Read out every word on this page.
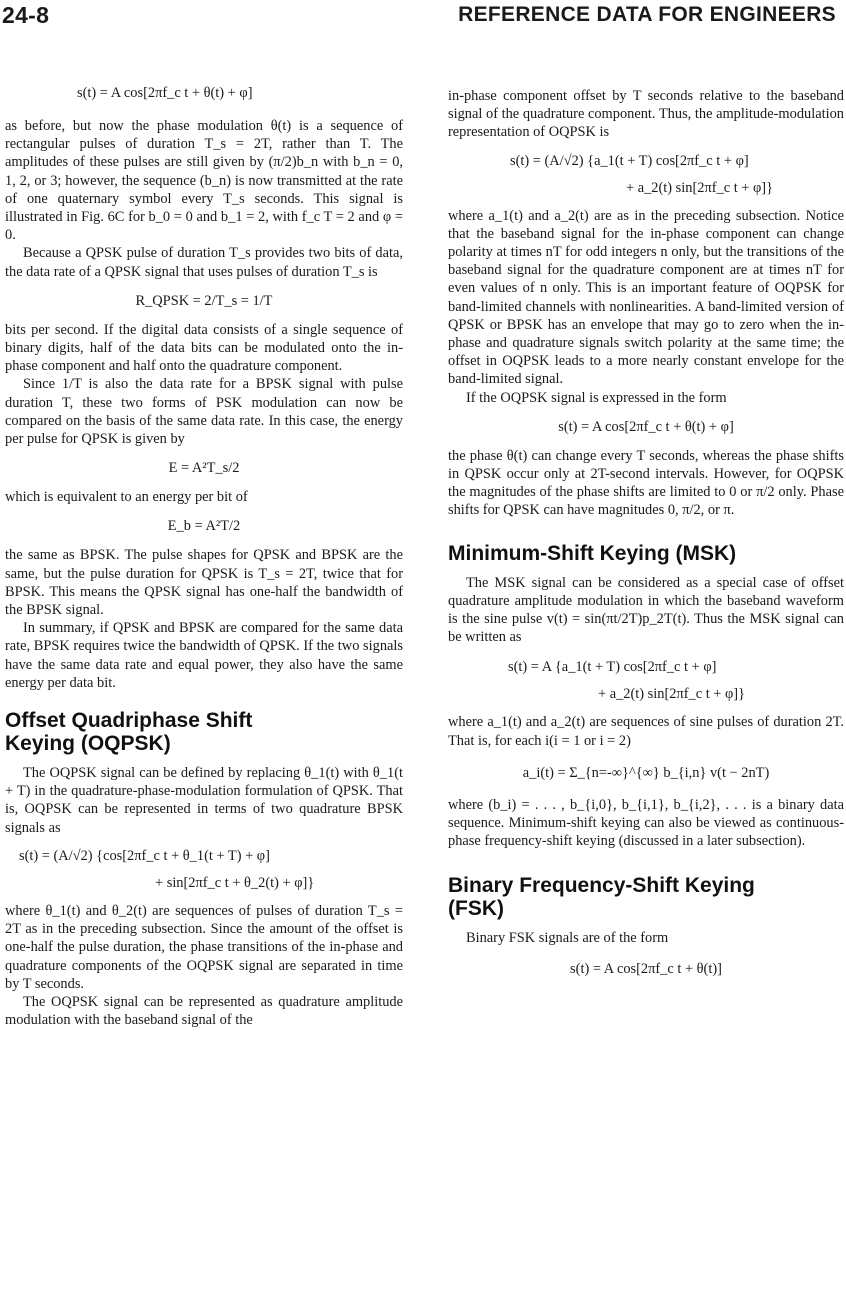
24-8	REFERENCE DATA FOR ENGINEERS
s(t) = A cos[2πf_c t + θ(t) + φ]

as before, but now the phase modulation θ(t) is a sequence of rectangular pulses of duration T_s = 2T, rather than T. The amplitudes of these pulses are still given by (π/2)b_n with b_n = 0, 1, 2, or 3; however, the sequence (b_n) is now transmitted at the rate of one quaternary symbol every T_s seconds. This signal is illustrated in Fig. 6C for b_0 = 0 and b_1 = 2, with f_c T = 2 and φ = 0.

Because a QPSK pulse of duration T_s provides two bits of data, the data rate of a QPSK signal that uses pulses of duration T_s is

R_QPSK = 2/T_s = 1/T

bits per second. If the digital data consists of a single sequence of binary digits, half of the data bits can be modulated onto the in-phase component and half onto the quadrature component.

Since 1/T is also the data rate for a BPSK signal with pulse duration T, these two forms of PSK modulation can now be compared on the basis of the same data rate. In this case, the energy per pulse for QPSK is given by

E = A²T_s/2

which is equivalent to an energy per bit of

E_b = A²T/2

the same as BPSK. The pulse shapes for QPSK and BPSK are the same, but the pulse duration for QPSK is T_s = 2T, twice that for BPSK. This means the QPSK signal has one-half the bandwidth of the BPSK signal.

In summary, if QPSK and BPSK are compared for the same data rate, BPSK requires twice the bandwidth of QPSK. If the two signals have the same data rate and equal power, they also have the same energy per data bit.

Offset Quadriphase Shift
Keying (OQPSK)

The OQPSK signal can be defined by replacing θ_1(t) with θ_1(t + T) in the quadrature-phase-modulation formulation of QPSK. That is, OQPSK can be represented in terms of two quadrature BPSK signals as

s(t) = (A/√2) {cos[2πf_c t + θ_1(t + T) + φ]
+ sin[2πf_c t + θ_2(t) + φ]}

where θ_1(t) and θ_2(t) are sequences of pulses of duration T_s = 2T as in the preceding subsection. Since the amount of the offset is one-half the pulse duration, the phase transitions of the in-phase and quadrature components of the OQPSK signal are separated in time by T seconds.

The OQPSK signal can be represented as quadrature amplitude modulation with the baseband signal of the

in-phase component offset by T seconds relative to the baseband signal of the quadrature component. Thus, the amplitude-modulation representation of OQPSK is

s(t) = (A/√2) {a_1(t + T) cos[2πf_c t + φ]
+ a_2(t) sin[2πf_c t + φ]}

where a_1(t) and a_2(t) are as in the preceding subsection. Notice that the baseband signal for the in-phase component can change polarity at times nT for odd integers n only, but the transitions of the baseband signal for the quadrature component are at times nT for even values of n only. This is an important feature of OQPSK for band-limited channels with nonlinearities. A band-limited version of QPSK or BPSK has an envelope that may go to zero when the in-phase and quadrature signals switch polarity at the same time; the offset in OQPSK leads to a more nearly constant envelope for the band-limited signal.

If the OQPSK signal is expressed in the form

s(t) = A cos[2πf_c t + θ(t) + φ]

the phase θ(t) can change every T seconds, whereas the phase shifts in QPSK occur only at 2T-second intervals. However, for OQPSK the magnitudes of the phase shifts are limited to 0 or π/2 only. Phase shifts for QPSK can have magnitudes 0, π/2, or π.

Minimum-Shift Keying (MSK)

The MSK signal can be considered as a special case of offset quadrature amplitude modulation in which the baseband waveform is the sine pulse v(t) = sin(πt/2T)p_2T(t). Thus the MSK signal can be written as

s(t) = A {a_1(t + T) cos[2πf_c t + φ]
+ a_2(t) sin[2πf_c t + φ]}

where a_1(t) and a_2(t) are sequences of sine pulses of duration 2T. That is, for each i(i = 1 or i = 2)

a_i(t) = Σ_{n=-∞}^{∞} b_{i,n} v(t − 2nT)

where (b_i) = . . . , b_{i,0}, b_{i,1}, b_{i,2}, . . . is a binary data sequence. Minimum-shift keying can also be viewed as continuous-phase frequency-shift keying (discussed in a later subsection).

Binary Frequency-Shift Keying
(FSK)

Binary FSK signals are of the form

s(t) = A cos[2πf_c t + θ(t)]
